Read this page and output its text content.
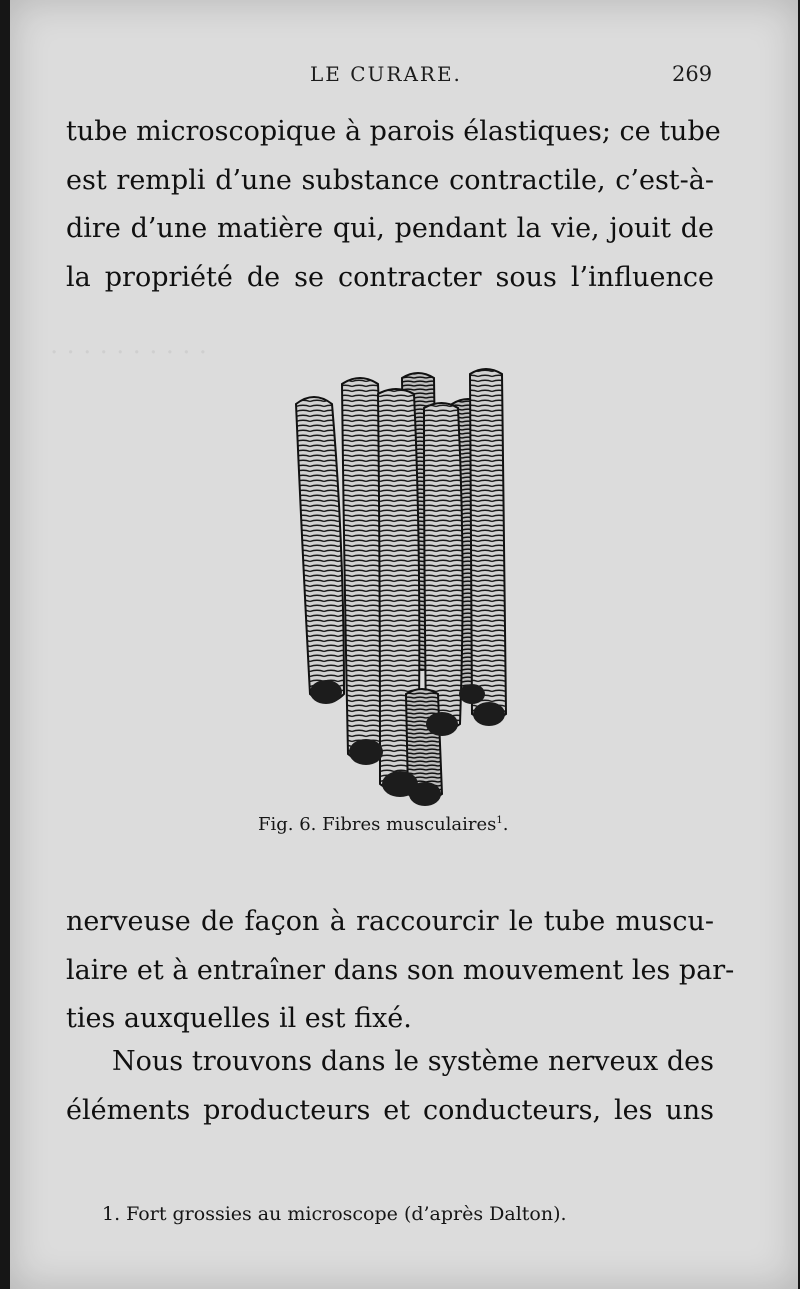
. . . . . . . . . .
LE CURARE.	269

tube microscopique à parois élastiques; ce tube
est rempli d’une substance contractile, c’est-à-
dire d’une matière qui, pendant la vie, jouit de
la propriété de se contracter sous l’influence

Fig. 6. Fibres musculaires$^1$.

nerveuse de façon à raccourcir le tube muscu-
laire et à entraîner dans son mouvement les par-
ties auxquelles il est fixé.

Nous trouvons dans le système nerveux des
éléments producteurs et conducteurs, les uns

1. Fort grossies au microscope (d’après Dalton).
